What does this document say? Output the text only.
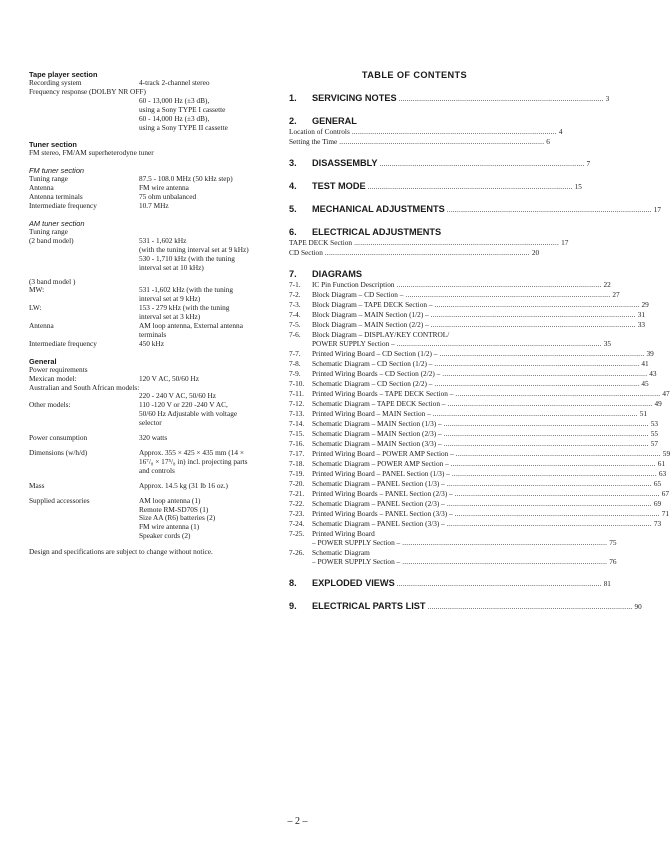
Tape player section
Recording system	4-track 2-channel stereo
Frequency response (DOLBY NR OFF)
60 - 13,000 Hz (±3 dB),
using a Sony TYPE I cassette
60 - 14,000 Hz (±3 dB),
using a Sony TYPE II cassette
Tuner section
FM stereo, FM/AM superheterodyne tuner
FM tuner section
Tuning range	87.5 - 108.0 MHz (50 kHz step)
Antenna	FM wire antenna
Antenna terminals	75 ohm unbalanced
Intermediate frequency	10.7 MHz
AM tuner section
Tuning range
(2 band model)	531 - 1,602 kHz
(with the tuning interval set at 9 kHz)
530 - 1,710 kHz (with the tuning
interval set at 10 kHz)
(3 band model )
MW:	531 -1,602 kHz (with the tuning
interval set at 9 kHz)
LW:	153 - 279 kHz (with the tuning
interval set at 3 kHz)
Antenna	AM loop antenna, External antenna
terminals
Intermediate frequency	450 kHz
General
Power requirements
Mexican model:	120 V AC, 50/60 Hz
Australian and South African models:
220 - 240 V AC, 50/60 Hz
Other models:	110 -120 V or 220 -240 V AC,
50/60 Hz Adjustable with voltage
selector
Power consumption	320 watts
Dimensions (w/h/d)	Approx. 355 × 425 × 435 mm (14 ×
16⁷/₈ × 17⁵/₈ in) incl. projecting parts
and controls
Mass	Approx. 14.5 kg (31 lb 16 oz.)
Supplied accessories	AM loop antenna (1)
Remote RM-SD70S (1)
Size AA (R6) batteries (2)
FM wire antenna (1)
Speaker cords (2)
Design and specifications are subject to change without notice.
TABLE OF CONTENTS
1.	SERVICING NOTES .................................................................................................... 3
2.	GENERAL
Location of Controls .................................................................................................... 4
Setting the Time .................................................................................................... 6
3.	DISASSEMBLY .................................................................................................... 7
4.	TEST MODE .................................................................................................... 15
5.	MECHANICAL ADJUSTMENTS .................................................................................................... 17
6.	ELECTRICAL ADJUSTMENTS
TAPE DECK Section .................................................................................................... 17
CD Section .................................................................................................... 20
7.	DIAGRAMS
7-1.	IC Pin Function Description .................................................................................................... 22
7-2.	Block Diagram – CD Section – .................................................................................................... 27
7-3.	Block Diagram – TAPE DECK Section – .................................................................................................... 29
7-4.	Block Diagram – MAIN Section (1/2) – .................................................................................................... 31
7-5.	Block Diagram – MAIN Section (2/2) – .................................................................................................... 33
7-6.	Block Diagram – DISPLAY/KEY CONTROL/
POWER SUPPLY Section – .................................................................................................... 35
7-7.	Printed Wiring Board – CD Section (1/2) – .................................................................................................... 39
7-8.	Schematic Diagram – CD Section (1/2) – .................................................................................................... 41
7-9.	Printed Wiring Boards – CD Section (2/2) – .................................................................................................... 43
7-10.	Schematic Diagram – CD Section (2/2) – .................................................................................................... 45
7-11.	Printed Wiring Boards – TAPE DECK Section – .................................................................................................... 47
7-12.	Schematic Diagram – TAPE DECK Section – .................................................................................................... 49
7-13.	Printed Wiring Board – MAIN Section – .................................................................................................... 51
7-14.	Schematic Diagram – MAIN Section (1/3) – .................................................................................................... 53
7-15.	Schematic Diagram – MAIN Section (2/3) – .................................................................................................... 55
7-16.	Schematic Diagram – MAIN Section (3/3) – .................................................................................................... 57
7-17.	Printed Wiring Board – POWER AMP Section – .................................................................................................... 59
7-18.	Schematic Diagram – POWER AMP Section – .................................................................................................... 61
7-19.	Printed Wiring Board – PANEL Section (1/3) – .................................................................................................... 63
7-20.	Schematic Diagram – PANEL Section (1/3) – .................................................................................................... 65
7-21.	Printed Wiring Boards – PANEL Section (2/3) – .................................................................................................... 67
7-22.	Schematic Diagram – PANEL Section (2/3) – .................................................................................................... 69
7-23.	Printed Wiring Boards – PANEL Section (3/3) – .................................................................................................... 71
7-24.	Schematic Diagram – PANEL Section (3/3) – .................................................................................................... 73
7-25.	Printed Wiring Board
– POWER SUPPLY Section – .................................................................................................... 75
7-26.	Schematic Diagram
– POWER SUPPLY Section – .................................................................................................... 76
8.	EXPLODED VIEWS .................................................................................................... 81
9.	ELECTRICAL PARTS LIST .................................................................................................... 90
– 2 –
